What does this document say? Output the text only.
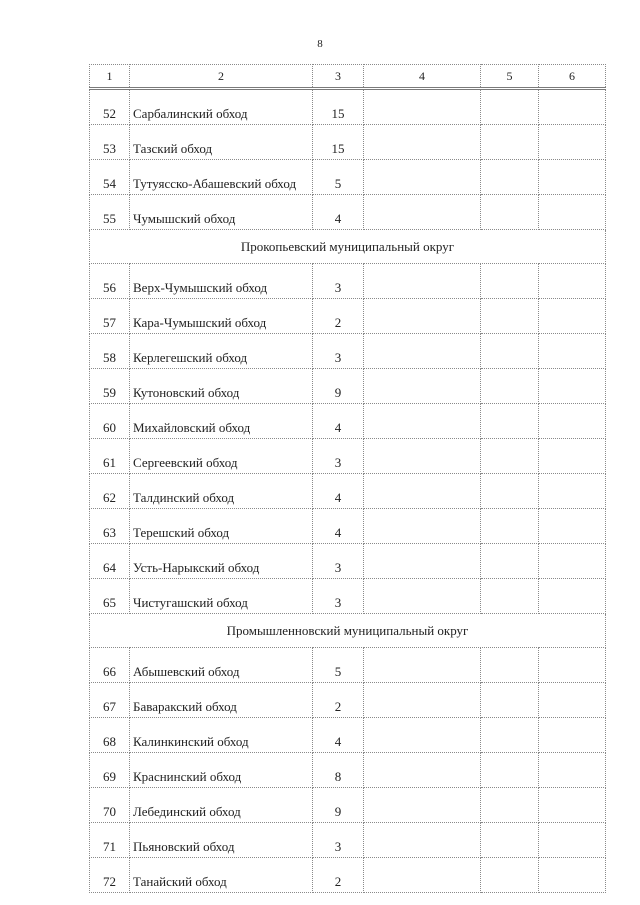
8
1	2	3	4	5	6
52	Сарбалинский обход	15			
53	Тазский обход	15			
54	Тутуясско-Абашевский обход	5			
55	Чумышский обход	4			
Прокопьевский муниципальный округ					
56	Верх-Чумышский обход	3			
57	Кара-Чумышский обход	2			
58	Керлегешский обход	3			
59	Кутоновский обход	9			
60	Михайловский обход	4			
61	Сергеевский обход	3			
62	Талдинский обход	4			
63	Терешский обход	4			
64	Усть-Нарыкский обход	3			
65	Чистугашский обход	3			
Промышленновский муниципальный округ					
66	Абышевский обход	5			
67	Баваракский обход	2			
68	Калинкинский обход	4			
69	Краснинский обход	8			
70	Лебединский обход	9			
71	Пьяновский обход	3			
72	Танайский обход	2			
